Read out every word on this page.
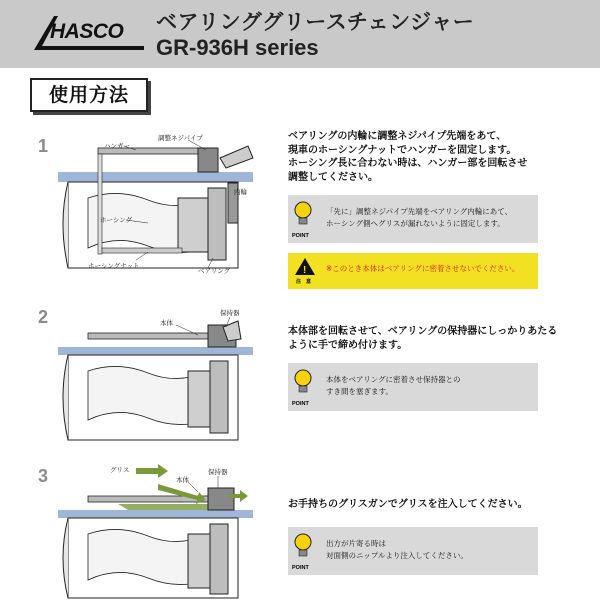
HASCO ベアリンググリースチェンジャー
GR-936H series
使用方法
1	ハンガー
調整ネジパイプ
内輪
ホーシング
ホーシングナット
ベアリング
ベアリングの内輪に調整ネジパイプ先端をあて、
現車のホーシングナットでハンガーを固定します。
ホーシング長に合わない時は、ハンガー部を回転させ
調整してください。
POINT
「先に」調整ネジパイプ先端をベアリング内輪にあて、
ホーシング側へグリスが漏れないように固定します。
!
注　意
※このとき本体はベアリングに密着させないでください。
2	本体
保持器
本体部を回転させて、ベアリングの保持器にしっかりあたる
ように手で締め付けます。
POINT
本体をベアリングに密着させ保持器との
すき間を塞ぎます。
3	グリス
本体
保持器
お手持ちのグリスガンでグリスを注入してください。
POINT
出方が片寄る時は
対面側のニップルより注入してください。
